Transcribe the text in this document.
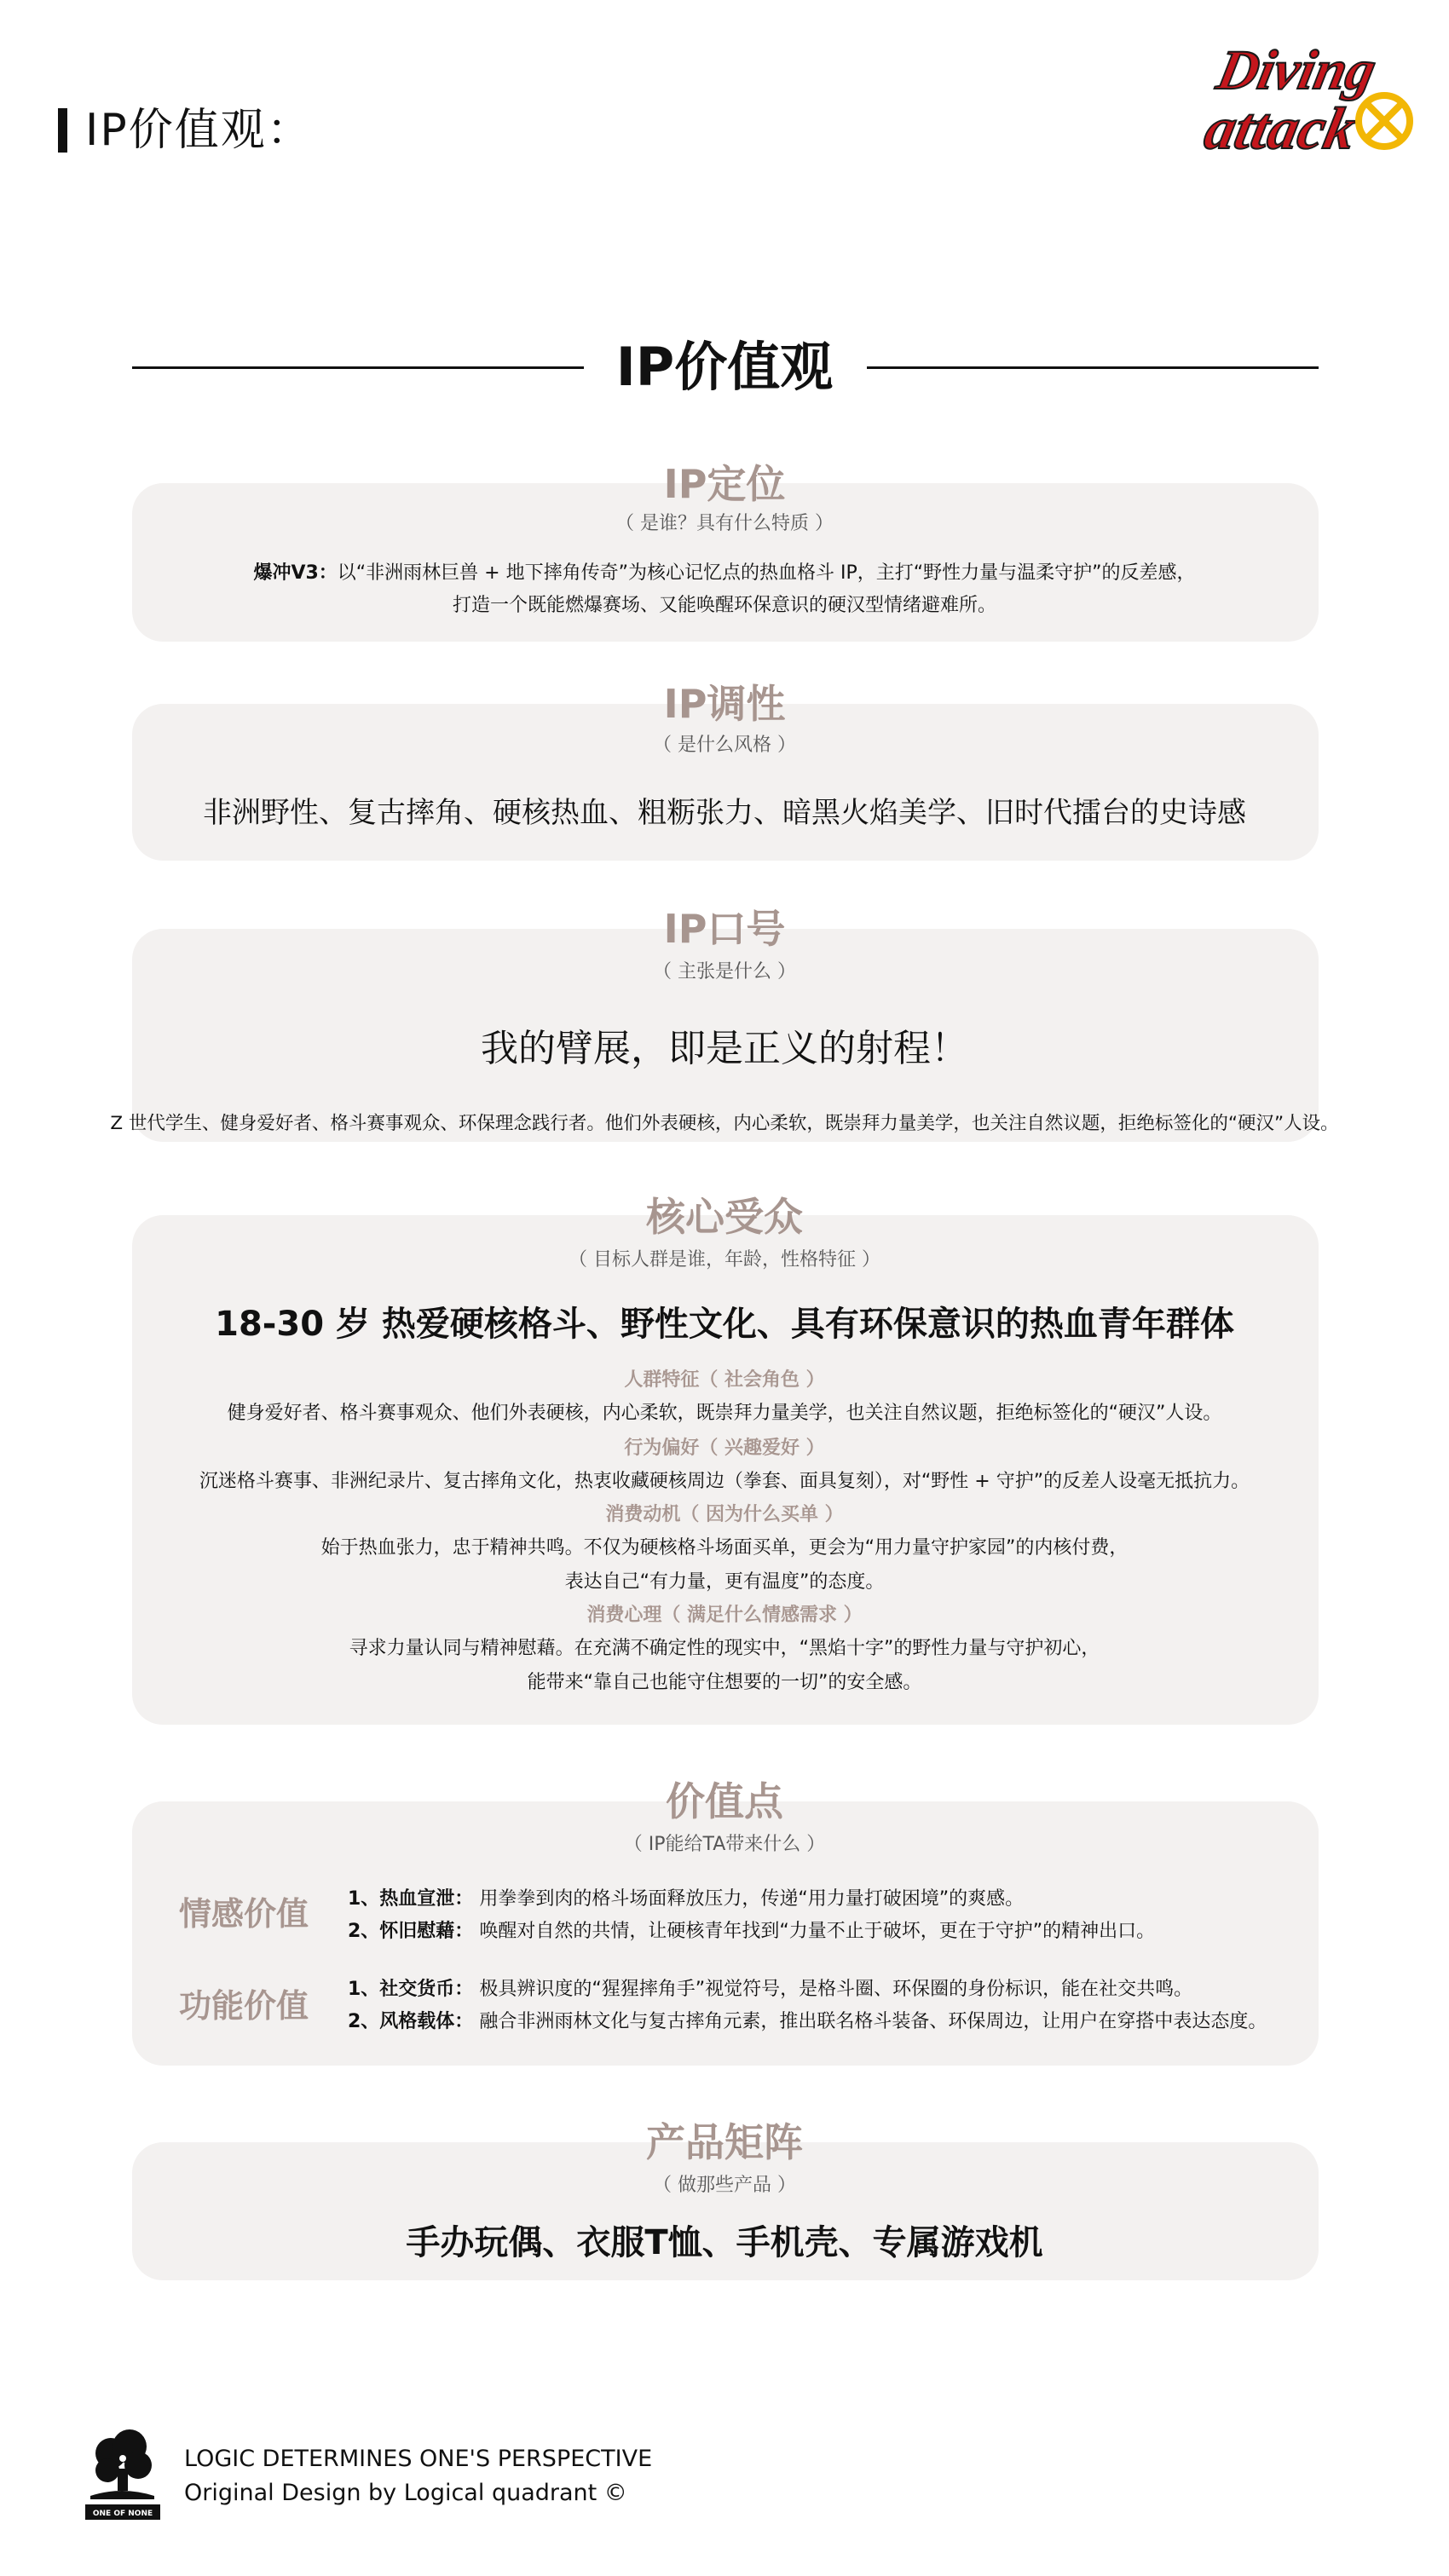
IP价值观：
Diving
attack
IP价值观
IP定位
（ 是谁？具有什么特质 ）
爆冲V3：以“非洲雨林巨兽 + 地下摔角传奇”为核心记忆点的热血格斗 IP，主打“野性力量与温柔守护”的反差感，
打造一个既能燃爆赛场、又能唤醒环保意识的硬汉型情绪避难所。
IP调性
（ 是什么风格 ）
非洲野性、复古摔角、硬核热血、粗粝张力、暗黑火焰美学、旧时代擂台的史诗感
IP口号
（ 主张是什么 ）
我的臂展，即是正义的射程！
Z 世代学生、健身爱好者、格斗赛事观众、环保理念践行者。他们外表硬核，内心柔软，既崇拜力量美学，也关注自然议题，拒绝标签化的“硬汉”人设。
核心受众
（ 目标人群是谁，年龄，性格特征 ）
18-30 岁 热爱硬核格斗、野性文化、具有环保意识的热血青年群体
人群特征（ 社会角色 ）
健身爱好者、格斗赛事观众、他们外表硬核，内心柔软，既崇拜力量美学，也关注自然议题，拒绝标签化的“硬汉”人设。
行为偏好（ 兴趣爱好 ）
沉迷格斗赛事、非洲纪录片、复古摔角文化，热衷收藏硬核周边（拳套、面具复刻），对“野性 + 守护”的反差人设毫无抵抗力。
消费动机（ 因为什么买单 ）
始于热血张力，忠于精神共鸣。不仅为硬核格斗场面买单，更会为“用力量守护家园”的内核付费，
表达自己“有力量，更有温度”的态度。
消费心理（ 满足什么情感需求 ）
寻求力量认同与精神慰藉。在充满不确定性的现实中，“黑焰十字”的野性力量与守护初心，
能带来“靠自己也能守住想要的一切”的安全感。
价值点
（ IP能给TA带来什么 ）
情感价值 1、热血宣泄： 用拳拳到肉的格斗场面释放压力，传递“用力量打破困境”的爽感。
2、怀旧慰藉： 唤醒对自然的共情，让硬核青年找到“力量不止于破坏，更在于守护”的精神出口。
功能价值 1、社交货币： 极具辨识度的“猩猩摔角手”视觉符号，是格斗圈、环保圈的身份标识，能在社交共鸣。
2、风格载体： 融合非洲雨林文化与复古摔角元素，推出联名格斗装备、环保周边，让用户在穿搭中表达态度。
产品矩阵
（ 做那些产品 ）
手办玩偶、衣服T恤、手机壳、专属游戏机
ONE OF NONE
LOGIC DETERMINES ONE'S PERSPECTIVE
Original Design by Logical quadrant ©
